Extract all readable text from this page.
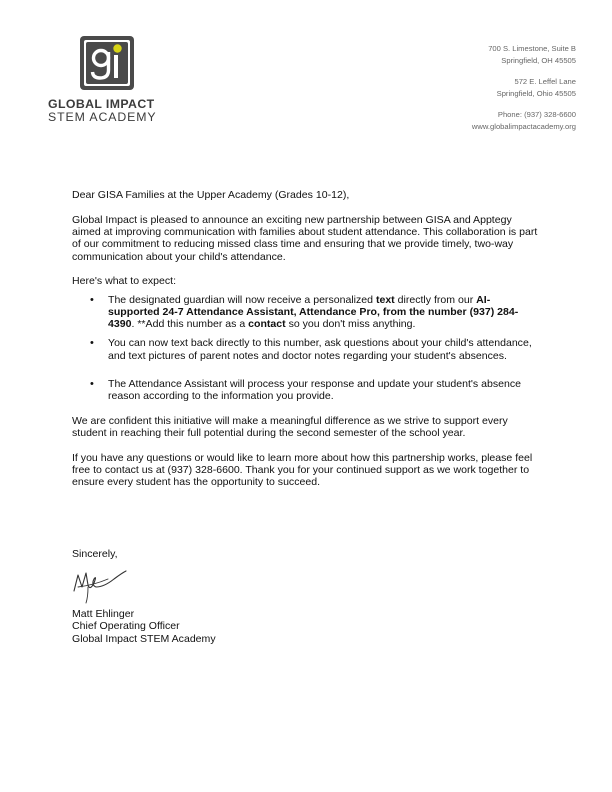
GLOBAL IMPACT
STEM ACADEMY
700 S. Limestone, Suite B
Springfield, OH 45505
572 E. Leffel Lane
Springfield, Ohio 45505
Phone: (937) 328-6600
www.globalimpactacademy.org

Dear GISA Families at the Upper Academy (Grades 10-12),

Global Impact is pleased to announce an exciting new partnership between GISA and Apptegy aimed at improving communication with families about student attendance. This collaboration is part of our commitment to reducing missed class time and ensuring that we provide timely, two-way communication about your child's attendance.

Here's what to expect:

• The designated guardian will now receive a personalized text directly from our AI-supported 24-7 Attendance Assistant, Attendance Pro, from the number (937) 284-4390. **Add this number as a contact so you don't miss anything.
• You can now text back directly to this number, ask questions about your child's attendance, and text pictures of parent notes and doctor notes regarding your student's absences.
• The Attendance Assistant will process your response and update your student's absence reason according to the information you provide.

We are confident this initiative will make a meaningful difference as we strive to support every student in reaching their full potential during the second semester of the school year.

If you have any questions or would like to learn more about how this partnership works, please feel free to contact us at (937) 328-6600. Thank you for your continued support as we work together to ensure every student has the opportunity to succeed.

Sincerely,
Matt Ehlinger
Chief Operating Officer
Global Impact STEM Academy
